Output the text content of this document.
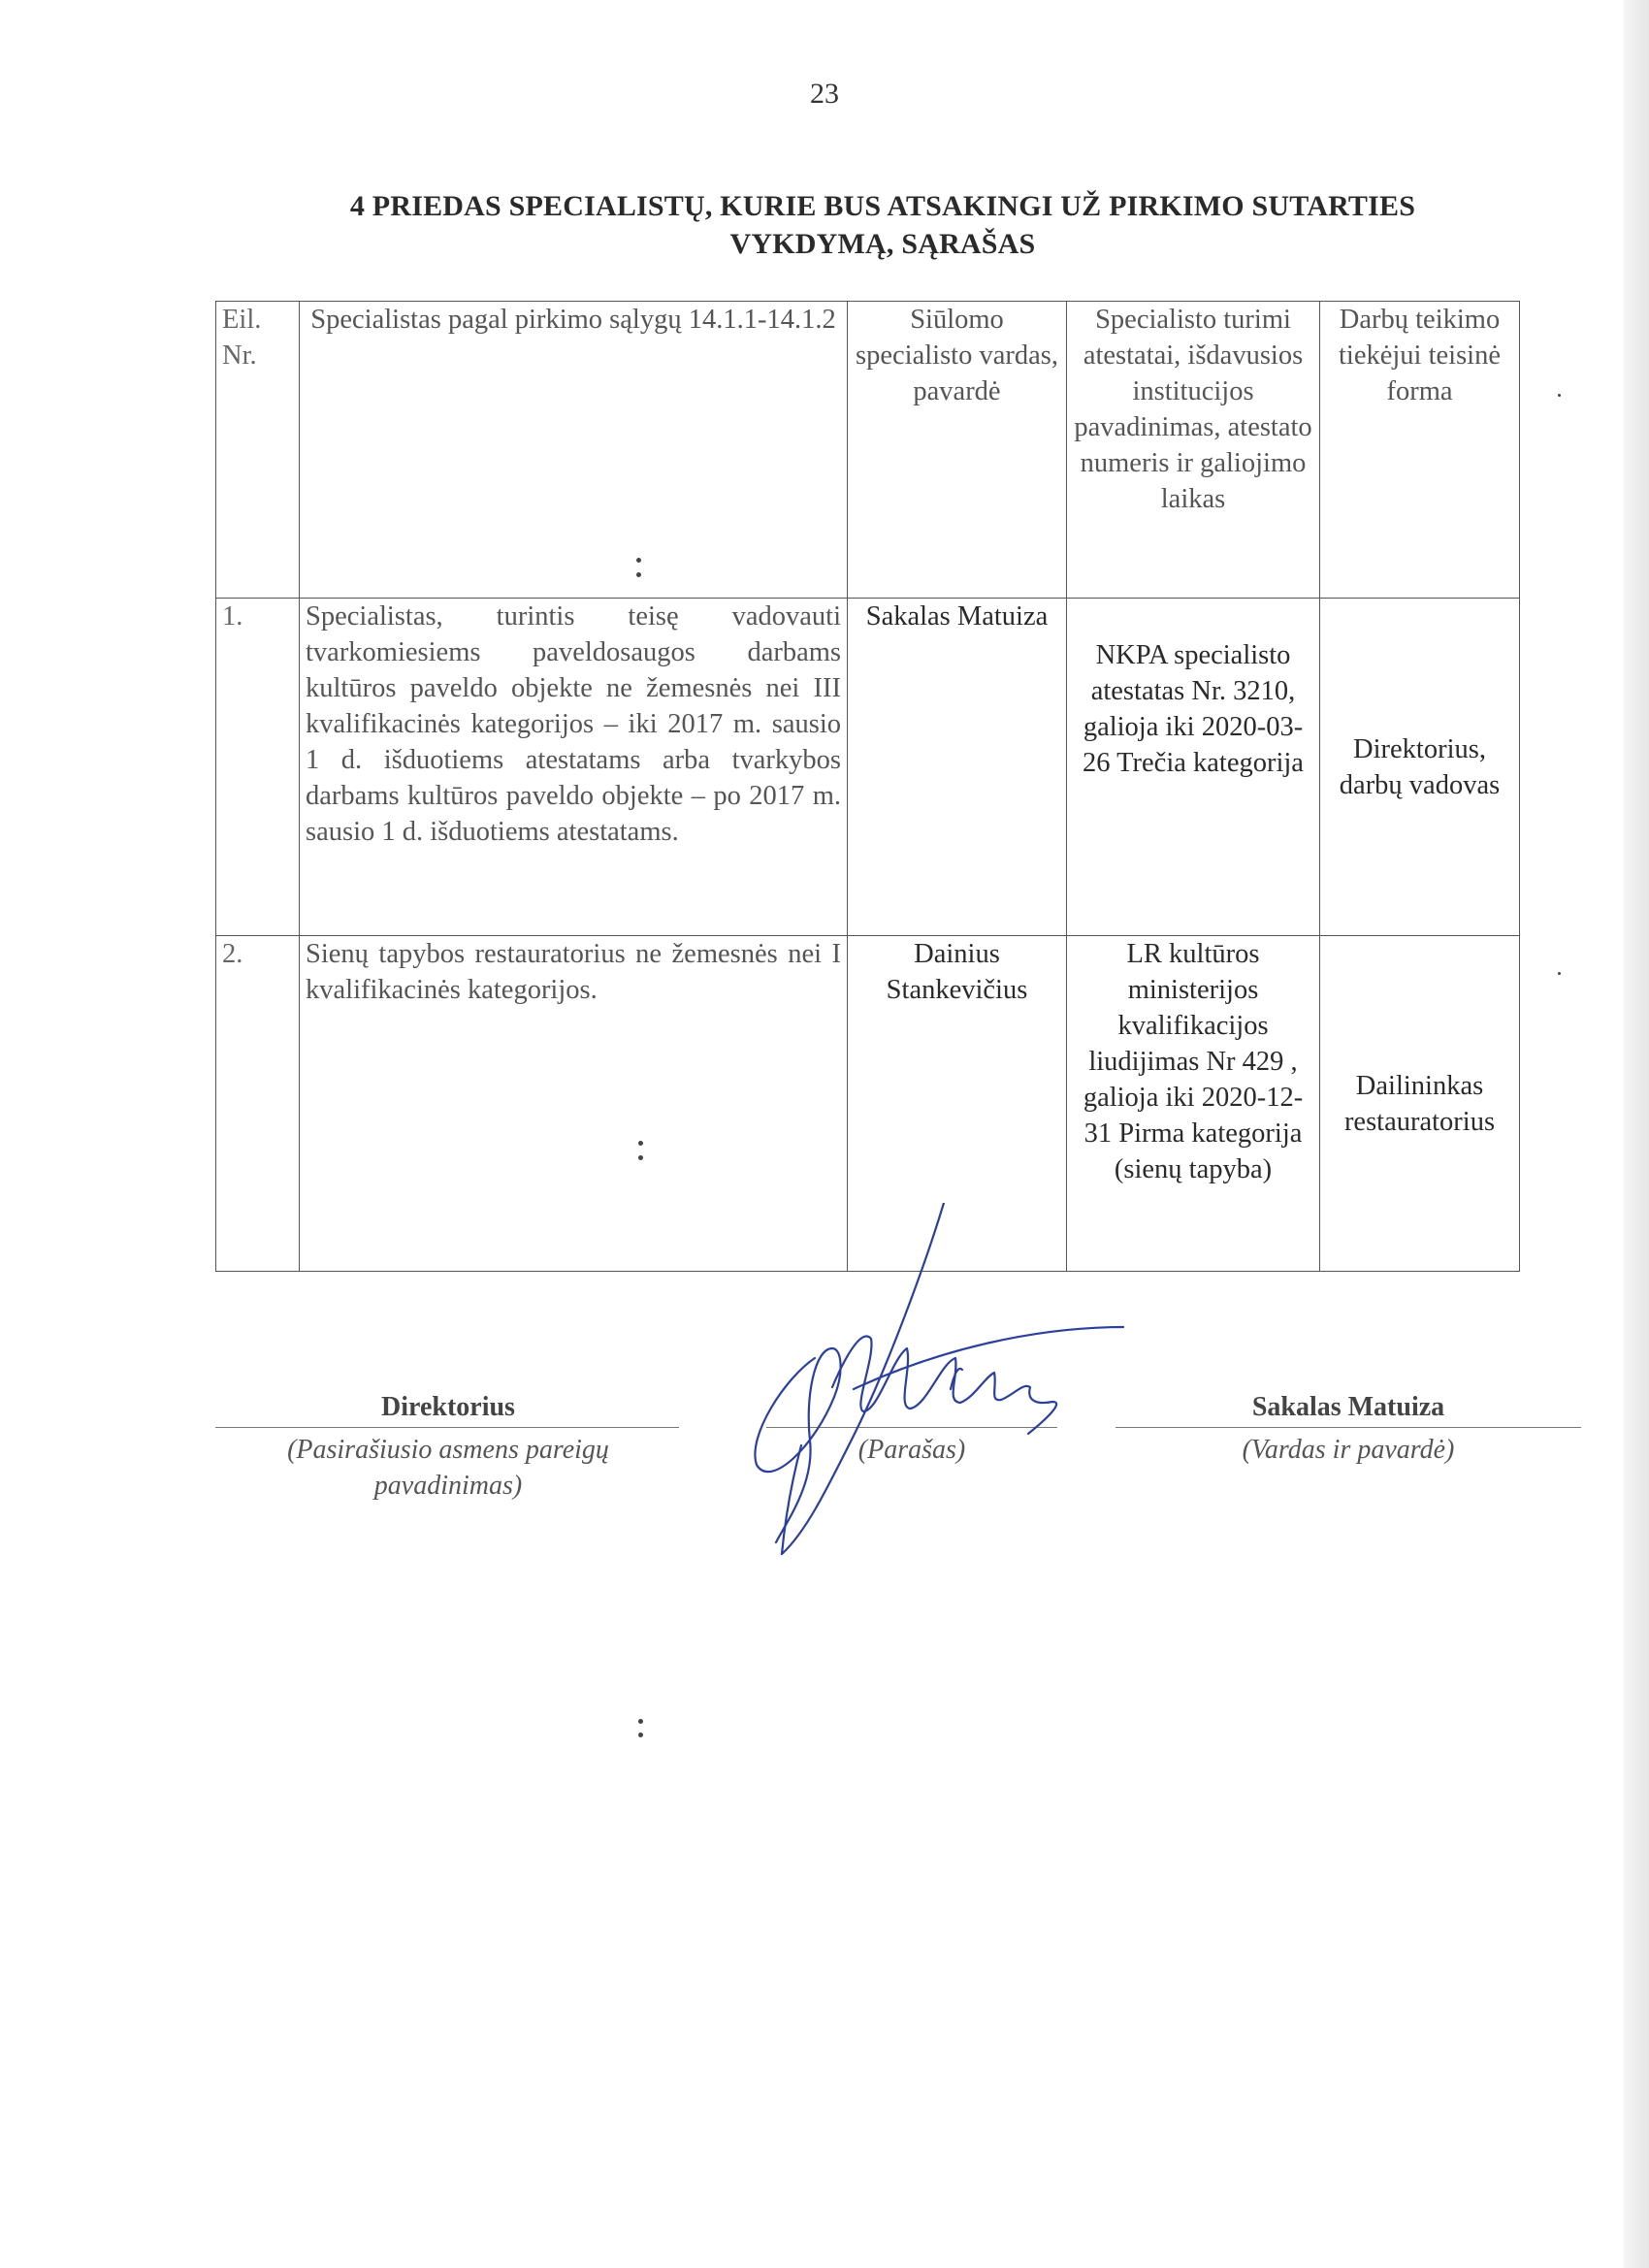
23
4 PRIEDAS SPECIALISTŲ, KURIE BUS ATSAKINGI UŽ PIRKIMO SUTARTIES
VYKDYMĄ, SĄRAŠAS
Eil. Nr.	Specialistas pagal pirkimo sąlygų 14.1.1-14.1.2	Siūlomo specialisto vardas, pavardė	Specialisto turimi atestatai, išdavusios institucijos pavadinimas, atestato numeris ir galiojimo laikas	Darbų teikimo tiekėjui teisinė forma
1.	Specialistas, turintis teisę vadovauti tvarkomiesiems paveldosaugos darbams kultūros paveldo objekte ne žemesnės nei III kvalifikacinės kategorijos – iki 2017 m. sausio 1 d. išduotiems atestatams arba tvarkybos darbams kultūros paveldo objekte – po 2017 m. sausio 1 d. išduotiems atestatams.	Sakalas Matuiza	NKPA specialisto atestatas Nr. 3210, galioja iki 2020-03-26 Trečia kategorija	Direktorius, darbų vadovas
2.	Sienų tapybos restauratorius ne žemesnės nei I kvalifikacinės kategorijos.	Dainius Stankevičius	LR kultūros ministerijos kvalifikacijos liudijimas Nr 429 , galioja iki 2020-12-31 Pirma kategorija (sienų tapyba)	Dailininkas restauratorius
Direktorius
(Pasirašiusio asmens pareigų pavadinimas)
(Parašas)
Sakalas Matuiza
(Vardas ir pavardė)
